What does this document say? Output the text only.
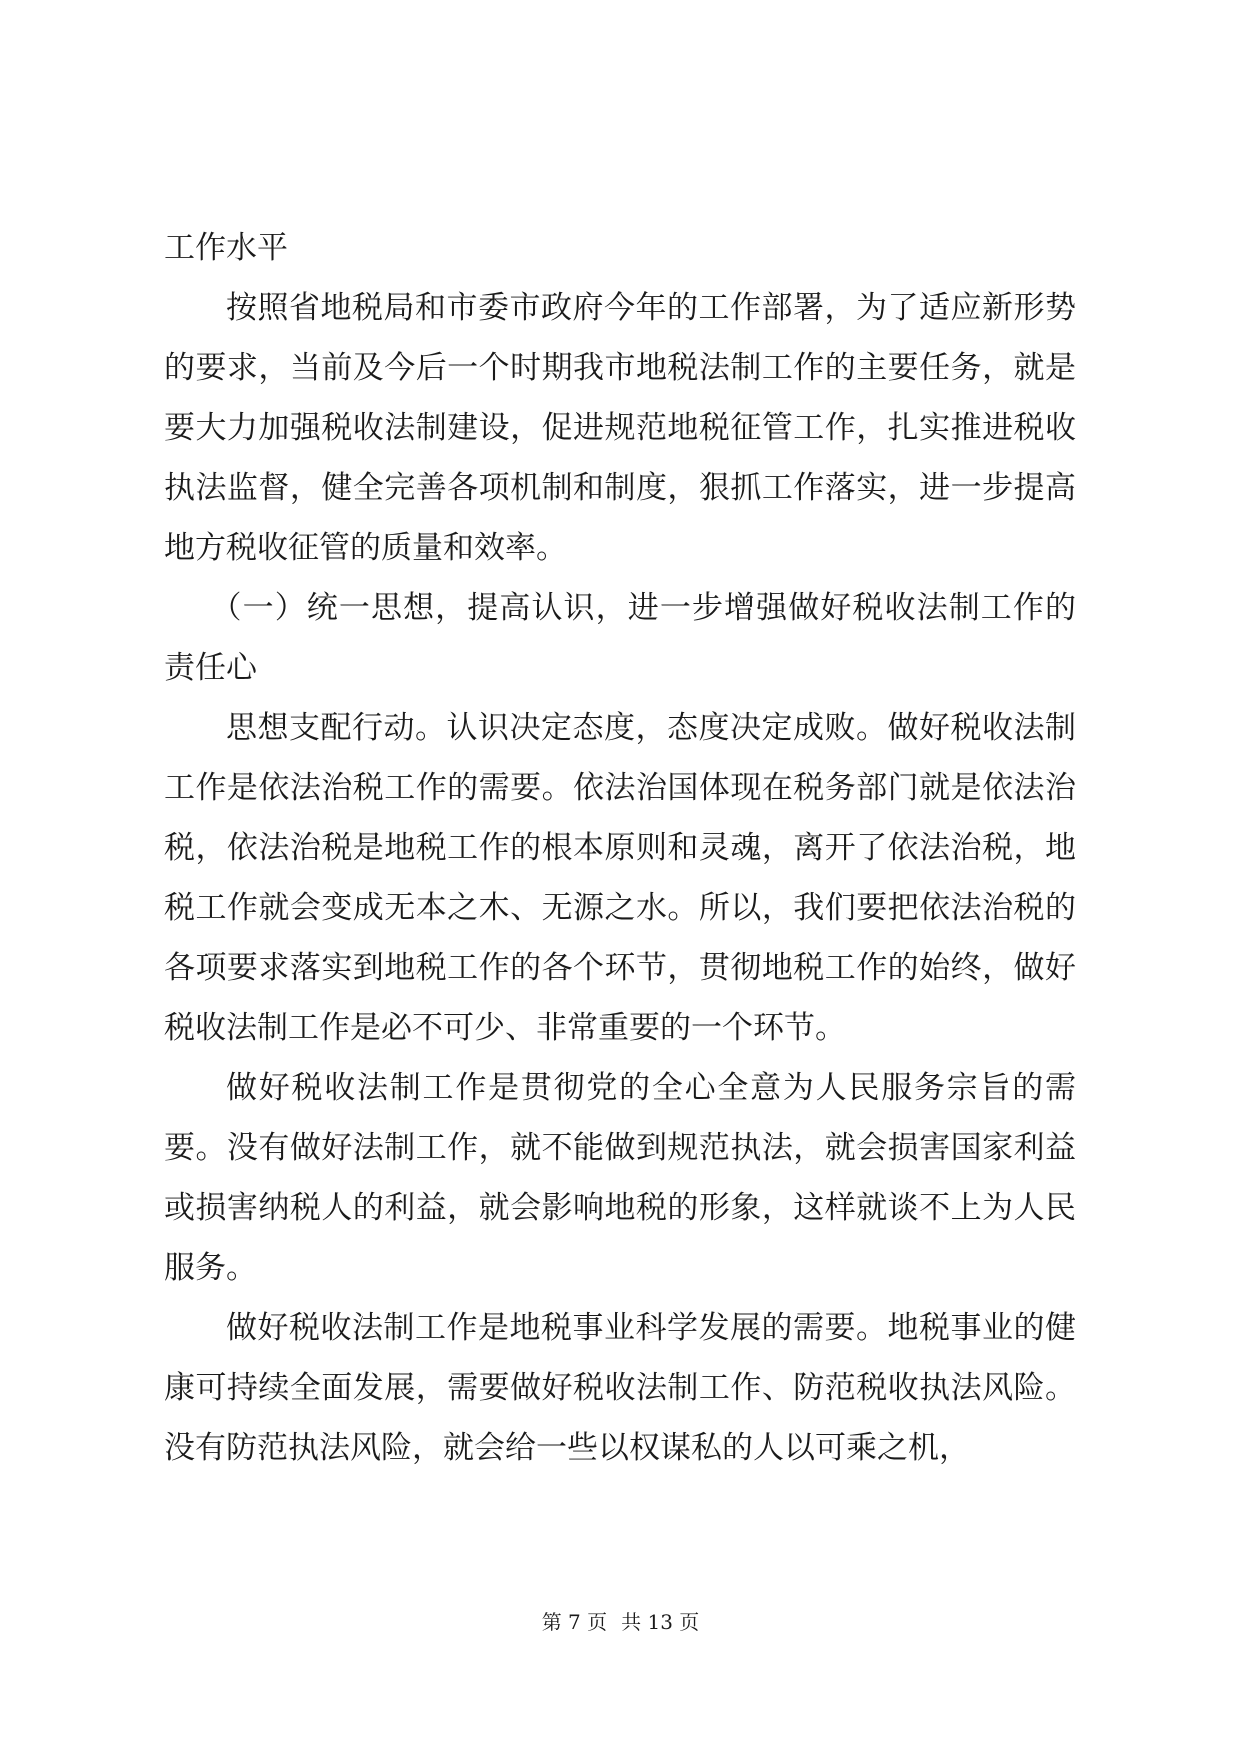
工作水平

按照省地税局和市委市政府今年的工作部署，为了适应新形势的要求，当前及今后一个时期我市地税法制工作的主要任务，就是要大力加强税收法制建设，促进规范地税征管工作，扎实推进税收执法监督，健全完善各项机制和制度，狠抓工作落实，进一步提高地方税收征管的质量和效率。

（一）统一思想，提高认识，进一步增强做好税收法制工作的责任心

思想支配行动。认识决定态度，态度决定成败。做好税收法制工作是依法治税工作的需要。依法治国体现在税务部门就是依法治税，依法治税是地税工作的根本原则和灵魂，离开了依法治税，地税工作就会变成无本之木、无源之水。所以，我们要把依法治税的各项要求落实到地税工作的各个环节，贯彻地税工作的始终，做好税收法制工作是必不可少、非常重要的一个环节。

做好税收法制工作是贯彻党的全心全意为人民服务宗旨的需要。没有做好法制工作，就不能做到规范执法，就会损害国家利益或损害纳税人的利益，就会影响地税的形象，这样就谈不上为人民服务。

做好税收法制工作是地税事业科学发展的需要。地税事业的健康可持续全面发展，需要做好税收法制工作、防范税收执法风险。没有防范执法风险，就会给一些以权谋私的人以可乘之机，

第 7 页 共 13 页
